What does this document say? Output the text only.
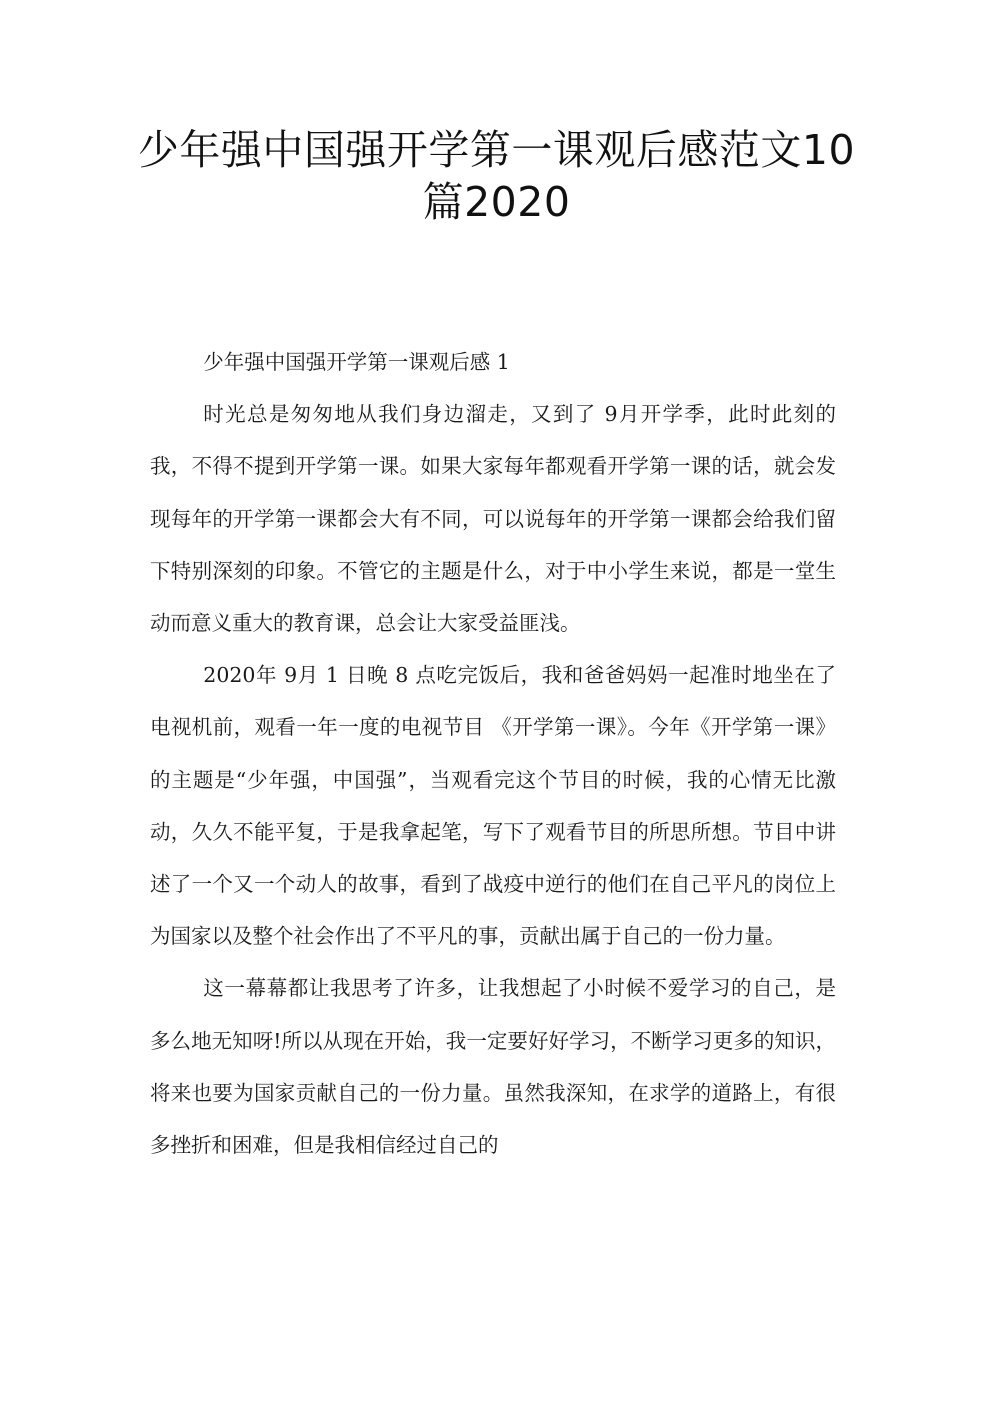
少年强中国强开学第一课观后感范文10篇2020

少年强中国强开学第一课观后感 1

时光总是匆匆地从我们身边溜走，又到了 9月开学季，此时此刻的我，不得不提到开学第一课。如果大家每年都观看开学第一课的话，就会发现每年的开学第一课都会大有不同，可以说每年的开学第一课都会给我们留下特别深刻的印象。不管它的主题是什么，对于中小学生来说，都是一堂生动而意义重大的教育课，总会让大家受益匪浅。

2020年 9月 1 日晚 8 点吃完饭后，我和爸爸妈妈一起准时地坐在了电视机前，观看一年一度的电视节目 《开学第一课》。今年《开学第一课》的主题是“少年强，中国强”，当观看完这个节目的时候，我的心情无比激动，久久不能平复，于是我拿起笔，写下了观看节目的所思所想。节目中讲述了一个又一个动人的故事，看到了战疫中逆行的他们在自己平凡的岗位上为国家以及整个社会作出了不平凡的事，贡献出属于自己的一份力量。

这一幕幕都让我思考了许多，让我想起了小时候不爱学习的自己，是多么地无知呀!所以从现在开始，我一定要好好学习，不断学习更多的知识，将来也要为国家贡献自己的一份力量。虽然我深知，在求学的道路上，有很多挫折和困难，但是我相信经过自己的
